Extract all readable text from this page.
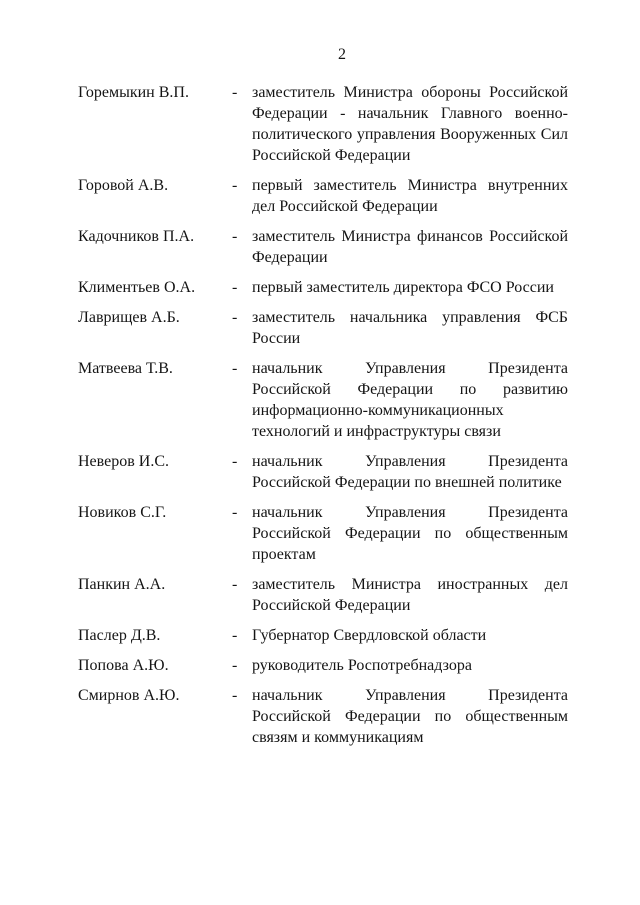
2
Горемыкин В.П.	- заместитель Министра обороны Российской Федерации - начальник Главного военно-политического управления Вооруженных Сил Российской Федерации
Горовой А.В.	- первый заместитель Министра внутренних дел Российской Федерации
Кадочников П.А.	- заместитель Министра финансов Российской Федерации
Климентьев О.А.	- первый заместитель директора ФСО России
Лаврищев А.Б.	- заместитель начальника управления ФСБ России
Матвеева Т.В.	- начальник Управления Президента Российской Федерации по развитию информационно-коммуникационных технологий и инфраструктуры связи
Неверов И.С.	- начальник Управления Президента Российской Федерации по внешней политике
Новиков С.Г.	- начальник Управления Президента Российской Федерации по общественным проектам
Панкин А.А.	- заместитель Министра иностранных дел Российской Федерации
Паслер Д.В.	- Губернатор Свердловской области
Попова А.Ю.	- руководитель Роспотребнадзора
Смирнов А.Ю.	- начальник Управления Президента Российской Федерации по общественным связям и коммуникациям
